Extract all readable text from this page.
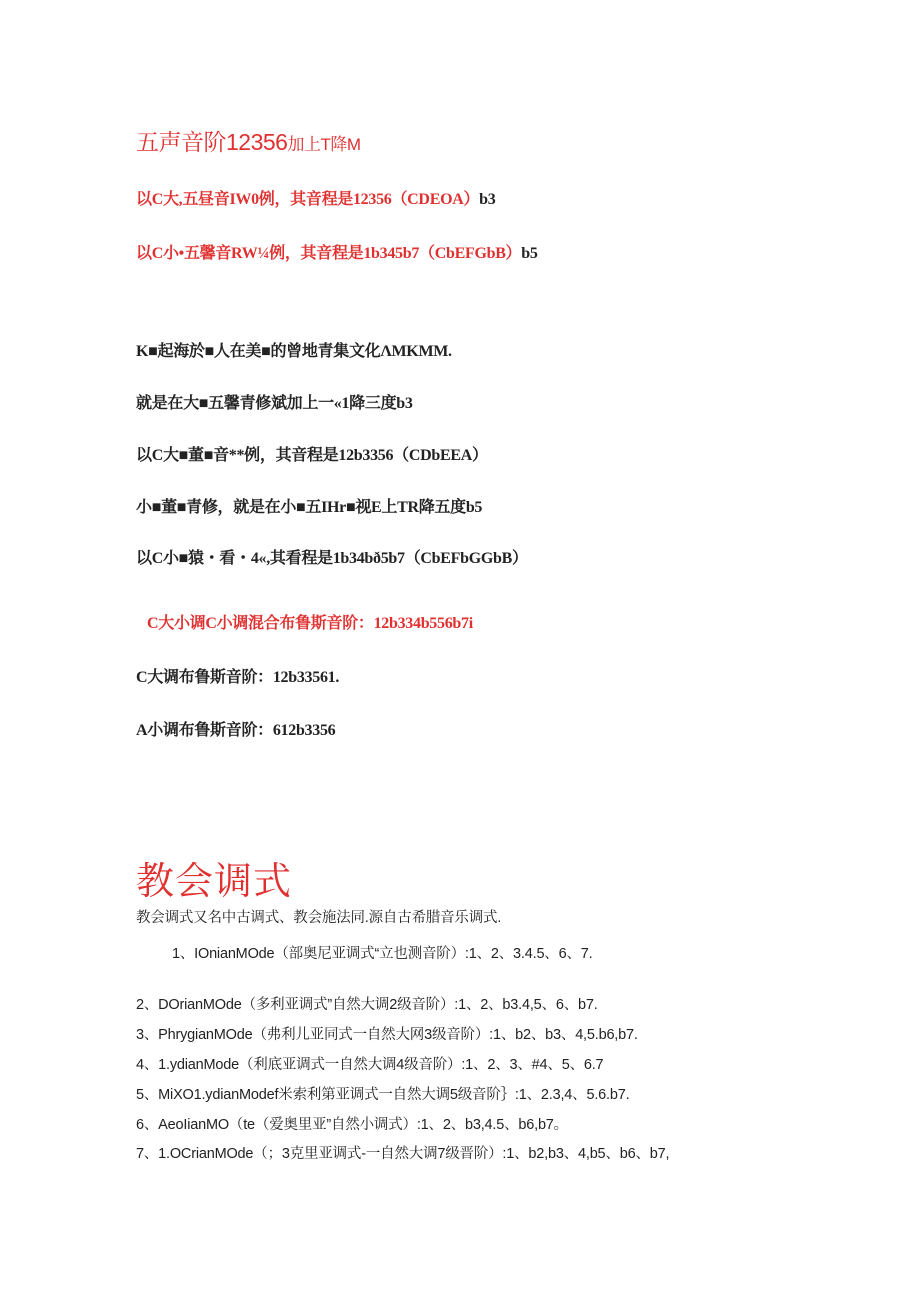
五声音阶12356加上T降M
以C大,五昼音IW0例，其音程是12356（CDEOA）b3
以C小•五馨音RW¼例，其音程是1b345b7（CbEFGbB）b5
K■起海於■人在美■的曾地青集文化ΛMKMM.
就是在大■五馨青修斌加上一«1降三度b3
以C大■董■音**例，其音程是12b3356（CDbEEA）
小■董■青修，就是在小■五IHr■视E上TR降五度b5
以C小■猿・看・4«,其看程是1b34bð5b7（CbEFbGGbB）
C大小调C小调混合布鲁斯音阶：12b334b556b7i
C大调布鲁斯音阶：12b33561.
A小调布鲁斯音阶：612b3356
教会调式
教会调式又名中古调式、教会施法同.源自古希腊音乐调式.
1、IOnianMOde（部奥尼亚调式“立也测音阶）:1、2、3.4.5、6、7.
2、DOrianMOde（多利亚调式”自然大调2级音阶）:1、2、b3.4,5、6、b7.
3、PhrygianMOde（弗利儿亚同式一自然大网3级音阶）:1、b2、b3、4,5.b6,b7.
4、1.ydianMode（利底亚调式一自然大调4级音阶）:1、2、3、#4、5、6.7
5、MiXO1.ydianModef米索利第亚调式一自然大调5级音阶｝:1、2.3,4、5.6.b7.
6、AeoIianMO（te（爱奥里亚”自然小调式）:1、2、b3,4.5、b6,b7。
7、1.OCrianMOde（；3克里亚调式-一自然大调7级晋阶）:1、b2,b3、4,b5、b6、b7,
